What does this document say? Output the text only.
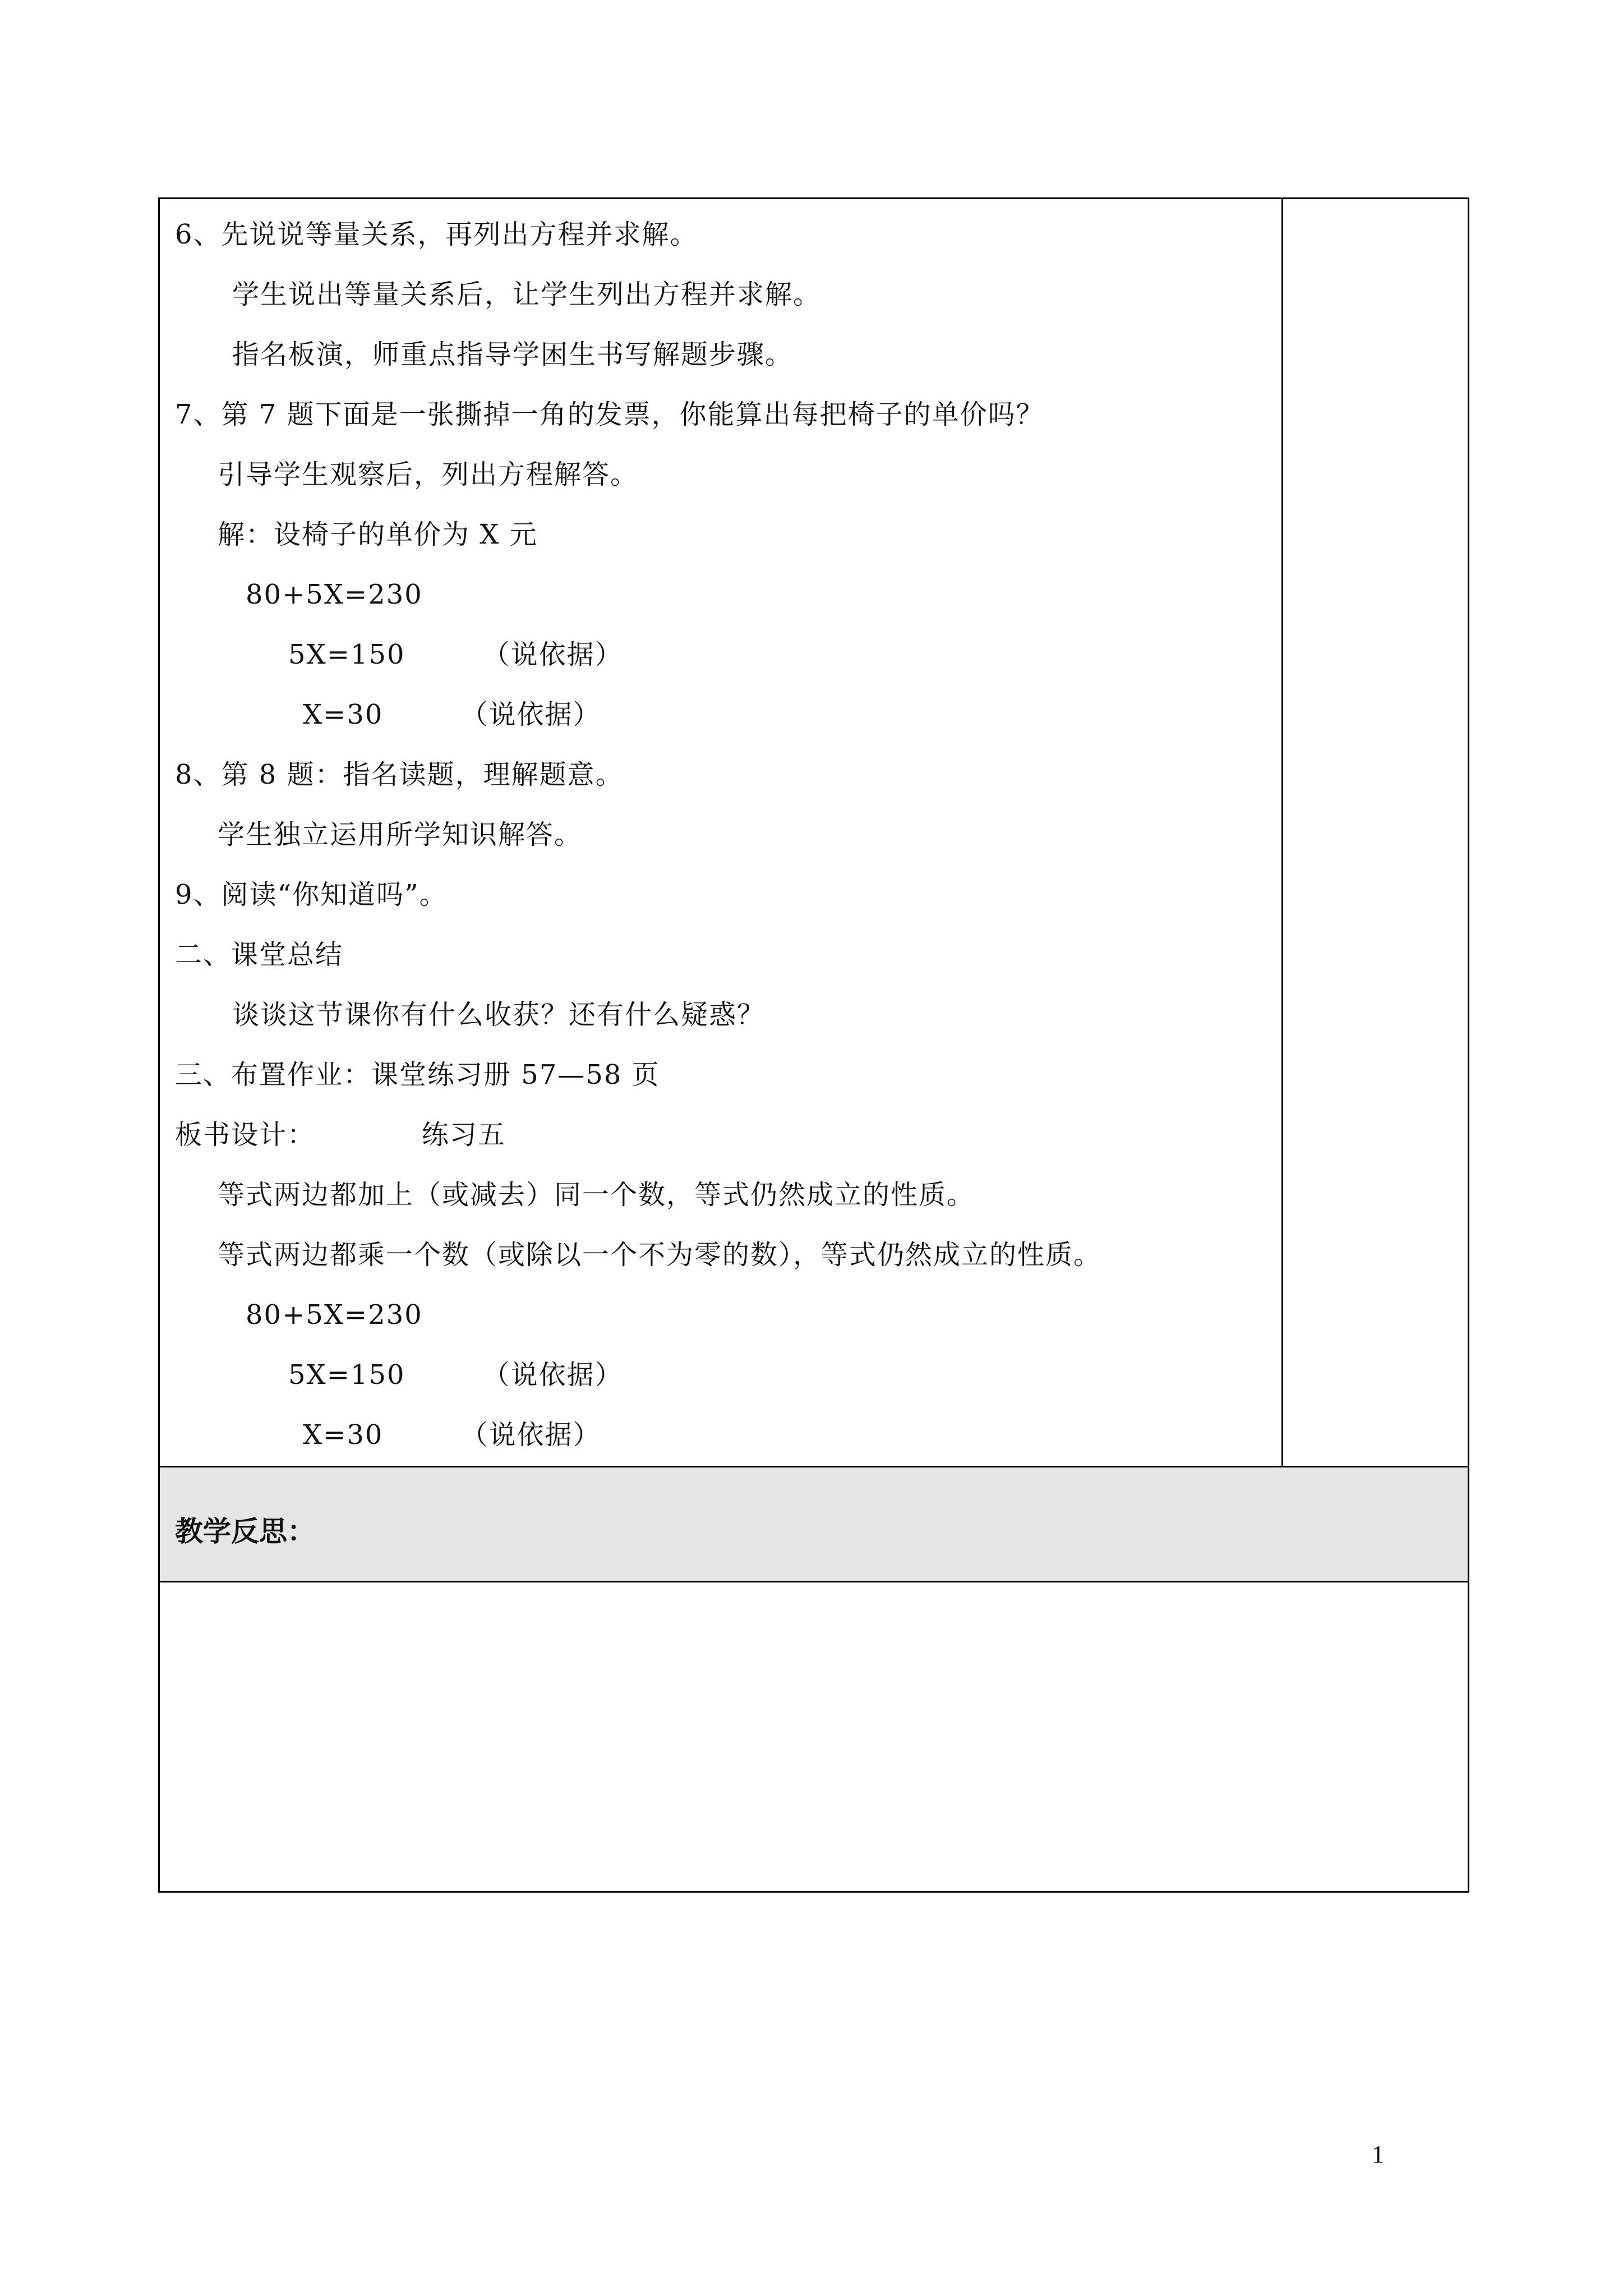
6、先说说等量关系，再列出方程并求解。
学生说出等量关系后，让学生列出方程并求解。
指名板演，师重点指导学困生书写解题步骤。
7、第 7 题下面是一张撕掉一角的发票，你能算出每把椅子的单价吗？
引导学生观察后，列出方程解答。
解：设椅子的单价为 X 元
80+5X=230
5X=150        （说依据）
X=30        （说依据）
8、第 8 题：指名读题，理解题意。
学生独立运用所学知识解答。
9、阅读“你知道吗”。
二、课堂总结
谈谈这节课你有什么收获？还有什么疑惑？
三、布置作业：课堂练习册 57—58 页
板书设计：           练习五
等式两边都加上（或减去）同一个数，等式仍然成立的性质。
等式两边都乘一个数（或除以一个不为零的数），等式仍然成立的性质。
80+5X=230
5X=150        （说依据）
X=30        （说依据）
教学反思：
1
